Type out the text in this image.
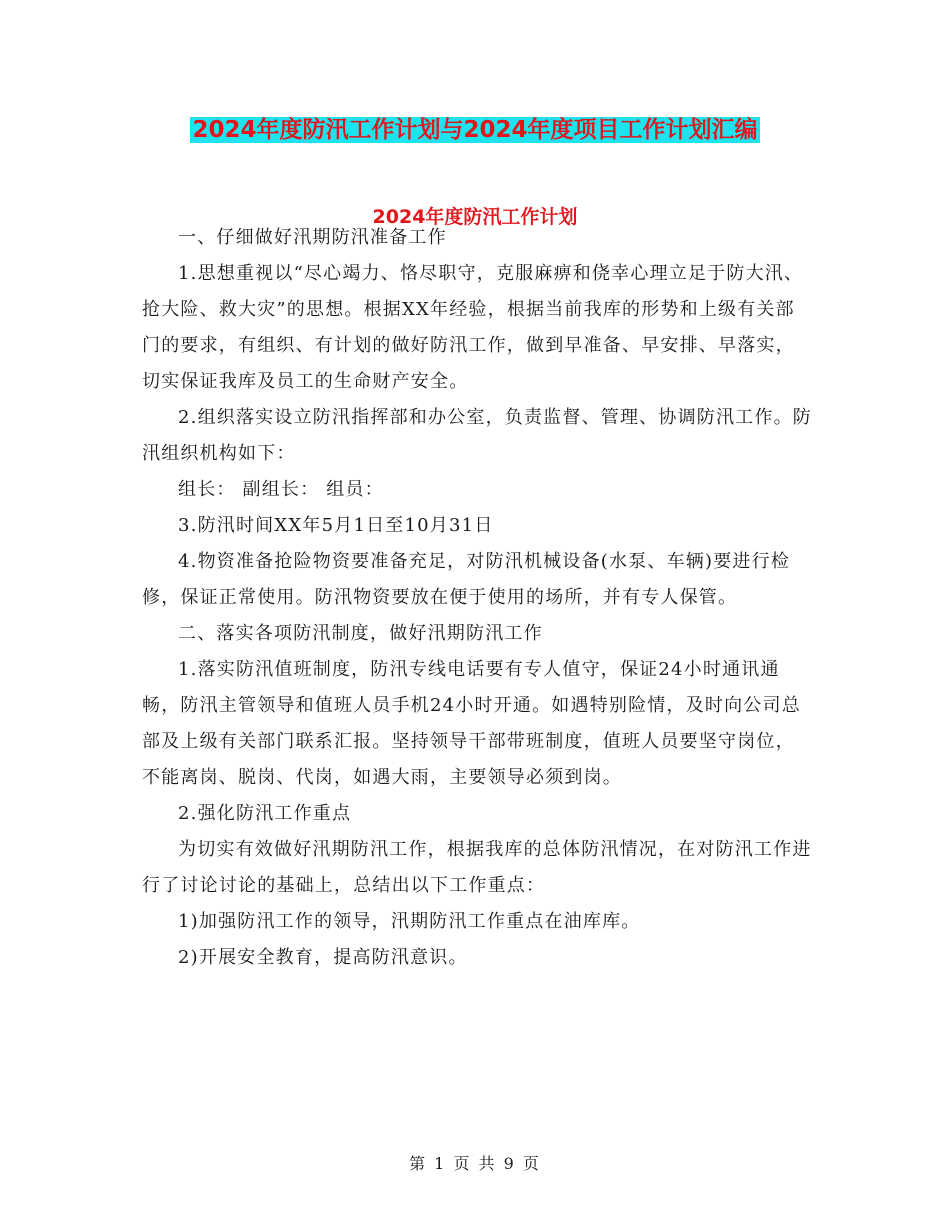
2024年度防汛工作计划与2024年度项目工作计划汇编
2024年度防汛工作计划

一、仔细做好汛期防汛准备工作

1.思想重视以“尽心竭力、恪尽职守，克服麻痹和侥幸心理立足于防大汛、抢大险、救大灾”的思想。根据XX年经验，根据当前我库的形势和上级有关部门的要求，有组织、有计划的做好防汛工作，做到早准备、早安排、早落实，切实保证我库及员工的生命财产安全。

2.组织落实设立防汛指挥部和办公室，负责监督、管理、协调防汛工作。防汛组织机构如下：

组长： 副组长： 组员：

3.防汛时间XX年5月1日至10月31日

4.物资准备抢险物资要准备充足，对防汛机械设备(水泵、车辆)要进行检修，保证正常使用。防汛物资要放在便于使用的场所，并有专人保管。

二、落实各项防汛制度，做好汛期防汛工作

1.落实防汛值班制度，防汛专线电话要有专人值守，保证24小时通讯通畅，防汛主管领导和值班人员手机24小时开通。如遇特别险情，及时向公司总部及上级有关部门联系汇报。坚持领导干部带班制度，值班人员要坚守岗位，不能离岗、脱岗、代岗，如遇大雨，主要领导必须到岗。

2.强化防汛工作重点

为切实有效做好汛期防汛工作，根据我库的总体防汛情况，在对防汛工作进行了讨论讨论的基础上，总结出以下工作重点：

1)加强防汛工作的领导，汛期防汛工作重点在油库库。

2)开展安全教育，提高防汛意识。

第 1 页 共 9 页
